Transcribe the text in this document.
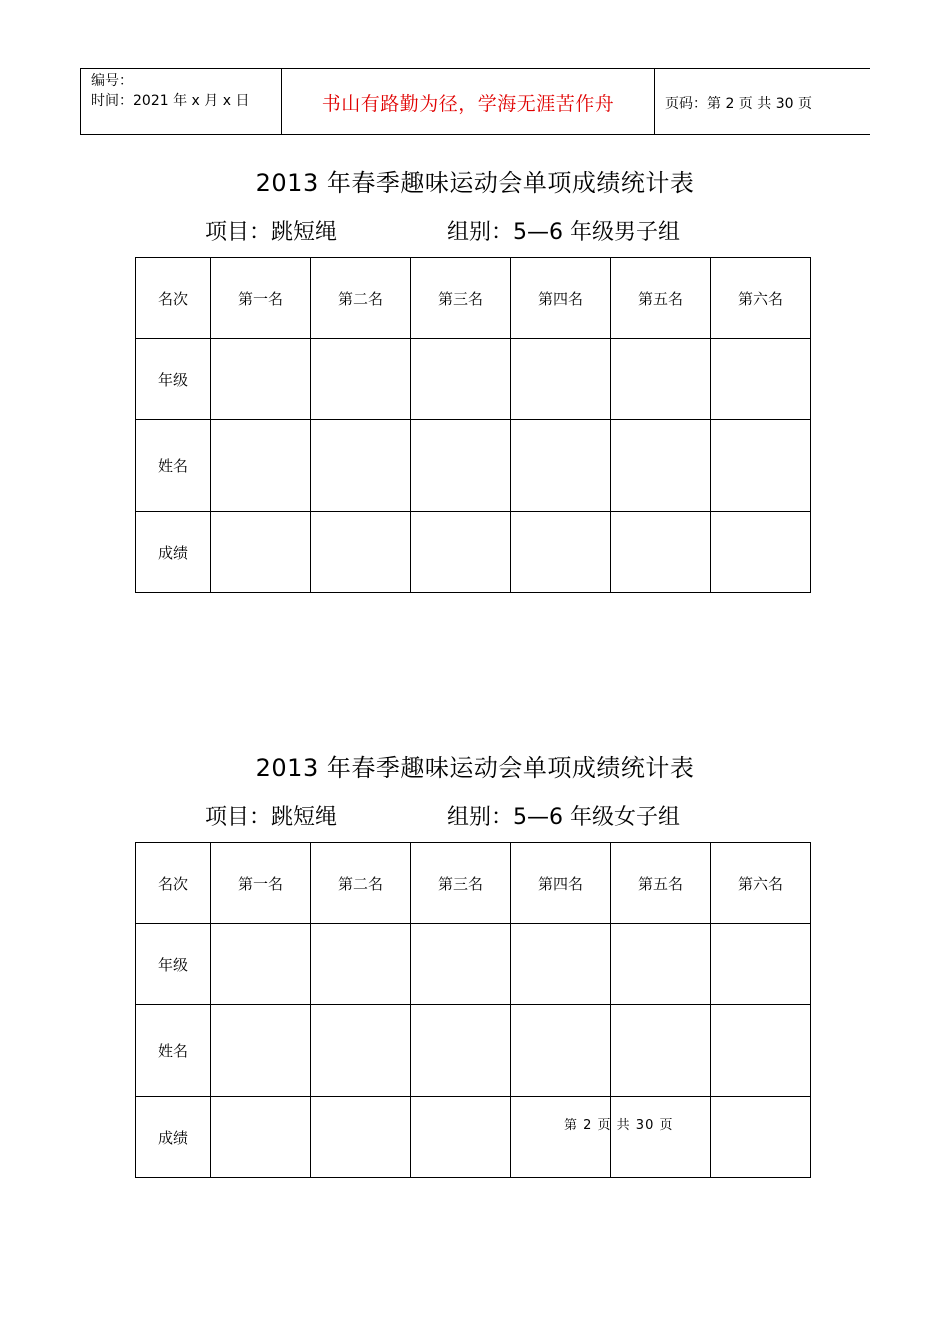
编号：
时间：2021 年 x 月 x 日	书山有路勤为径，学海无涯苦作舟	页码：第 2 页 共 30 页
2013 年春季趣味运动会单项成绩统计表
项目：跳短绳	组别：5—6 年级男子组
名次	第一名	第二名	第三名	第四名	第五名	第六名
年级						
姓名						
成绩						
2013 年春季趣味运动会单项成绩统计表
项目：跳短绳	组别：5—6 年级女子组
名次	第一名	第二名	第三名	第四名	第五名	第六名
年级						
姓名						
成绩						
第 2 页 共 30 页
